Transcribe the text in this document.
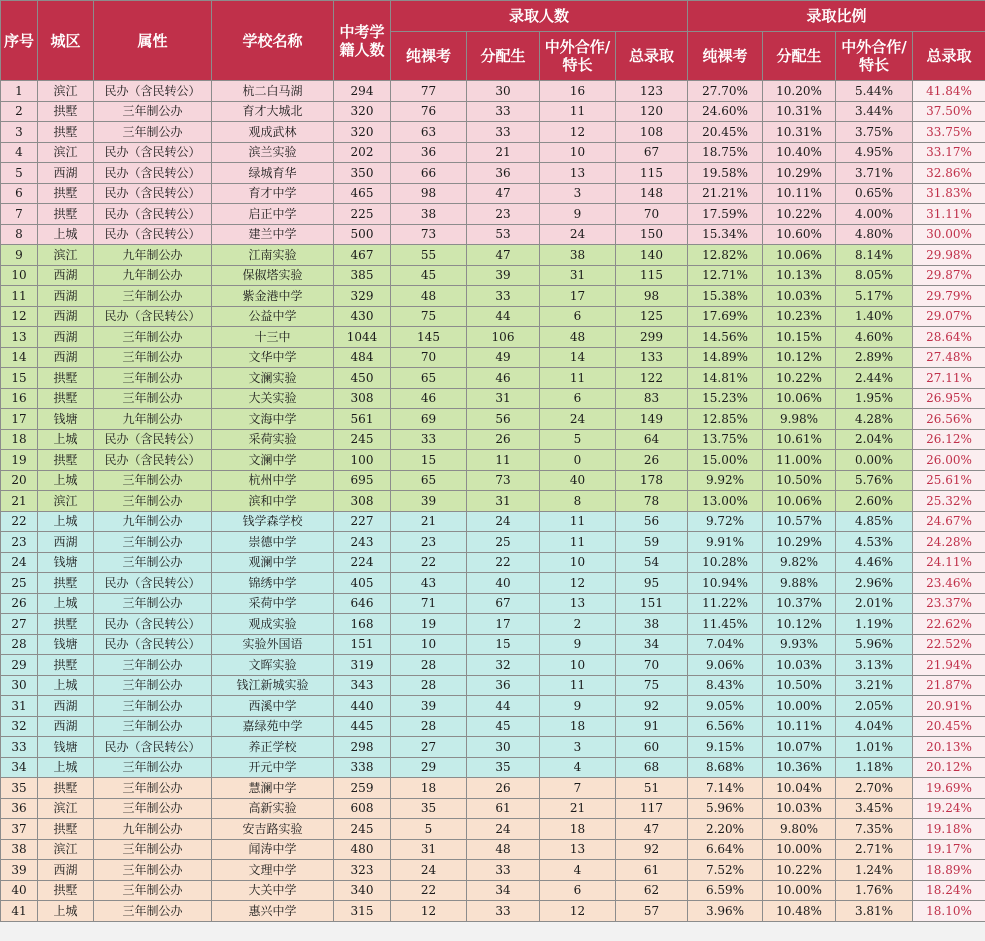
序号	城区	属性	学校名称	中考学籍人数	录取人数				录取比例			
					纯裸考	分配生	中外合作/特长	总录取	纯裸考	分配生	中外合作/特长	总录取
1	滨江	民办（含民转公）	杭二白马湖	294	77	30	16	123	27.70%	10.20%	5.44%	41.84%
2	拱墅	三年制公办	育才大城北	320	76	33	11	120	24.60%	10.31%	3.44%	37.50%
3	拱墅	三年制公办	观成武林	320	63	33	12	108	20.45%	10.31%	3.75%	33.75%
4	滨江	民办（含民转公）	滨兰实验	202	36	21	10	67	18.75%	10.40%	4.95%	33.17%
5	西湖	民办（含民转公）	绿城育华	350	66	36	13	115	19.58%	10.29%	3.71%	32.86%
6	拱墅	民办（含民转公）	育才中学	465	98	47	3	148	21.21%	10.11%	0.65%	31.83%
7	拱墅	民办（含民转公）	启正中学	225	38	23	9	70	17.59%	10.22%	4.00%	31.11%
8	上城	民办（含民转公）	建兰中学	500	73	53	24	150	15.34%	10.60%	4.80%	30.00%
9	滨江	九年制公办	江南实验	467	55	47	38	140	12.82%	10.06%	8.14%	29.98%
10	西湖	九年制公办	保俶塔实验	385	45	39	31	115	12.71%	10.13%	8.05%	29.87%
11	西湖	三年制公办	紫金港中学	329	48	33	17	98	15.38%	10.03%	5.17%	29.79%
12	西湖	民办（含民转公）	公益中学	430	75	44	6	125	17.69%	10.23%	1.40%	29.07%
13	西湖	三年制公办	十三中	1044	145	106	48	299	14.56%	10.15%	4.60%	28.64%
14	西湖	三年制公办	文华中学	484	70	49	14	133	14.89%	10.12%	2.89%	27.48%
15	拱墅	三年制公办	文澜实验	450	65	46	11	122	14.81%	10.22%	2.44%	27.11%
16	拱墅	三年制公办	大关实验	308	46	31	6	83	15.23%	10.06%	1.95%	26.95%
17	钱塘	九年制公办	文海中学	561	69	56	24	149	12.85%	9.98%	4.28%	26.56%
18	上城	民办（含民转公）	采荷实验	245	33	26	5	64	13.75%	10.61%	2.04%	26.12%
19	拱墅	民办（含民转公）	文澜中学	100	15	11	0	26	15.00%	11.00%	0.00%	26.00%
20	上城	三年制公办	杭州中学	695	65	73	40	178	9.92%	10.50%	5.76%	25.61%
21	滨江	三年制公办	滨和中学	308	39	31	8	78	13.00%	10.06%	2.60%	25.32%
22	上城	九年制公办	钱学森学校	227	21	24	11	56	9.72%	10.57%	4.85%	24.67%
23	西湖	三年制公办	崇德中学	243	23	25	11	59	9.91%	10.29%	4.53%	24.28%
24	钱塘	三年制公办	观澜中学	224	22	22	10	54	10.28%	9.82%	4.46%	24.11%
25	拱墅	民办（含民转公）	锦绣中学	405	43	40	12	95	10.94%	9.88%	2.96%	23.46%
26	上城	三年制公办	采荷中学	646	71	67	13	151	11.22%	10.37%	2.01%	23.37%
27	拱墅	民办（含民转公）	观成实验	168	19	17	2	38	11.45%	10.12%	1.19%	22.62%
28	钱塘	民办（含民转公）	实验外国语	151	10	15	9	34	7.04%	9.93%	5.96%	22.52%
29	拱墅	三年制公办	文晖实验	319	28	32	10	70	9.06%	10.03%	3.13%	21.94%
30	上城	三年制公办	钱江新城实验	343	28	36	11	75	8.43%	10.50%	3.21%	21.87%
31	西湖	三年制公办	西溪中学	440	39	44	9	92	9.05%	10.00%	2.05%	20.91%
32	西湖	三年制公办	嘉绿苑中学	445	28	45	18	91	6.56%	10.11%	4.04%	20.45%
33	钱塘	民办（含民转公）	养正学校	298	27	30	3	60	9.15%	10.07%	1.01%	20.13%
34	上城	三年制公办	开元中学	338	29	35	4	68	8.68%	10.36%	1.18%	20.12%
35	拱墅	三年制公办	慧澜中学	259	18	26	7	51	7.14%	10.04%	2.70%	19.69%
36	滨江	三年制公办	高新实验	608	35	61	21	117	5.96%	10.03%	3.45%	19.24%
37	拱墅	九年制公办	安吉路实验	245	5	24	18	47	2.20%	9.80%	7.35%	19.18%
38	滨江	三年制公办	闻涛中学	480	31	48	13	92	6.64%	10.00%	2.71%	19.17%
39	西湖	三年制公办	文理中学	323	24	33	4	61	7.52%	10.22%	1.24%	18.89%
40	拱墅	三年制公办	大关中学	340	22	34	6	62	6.59%	10.00%	1.76%	18.24%
41	上城	三年制公办	惠兴中学	315	12	33	12	57	3.96%	10.48%	3.81%	18.10%
